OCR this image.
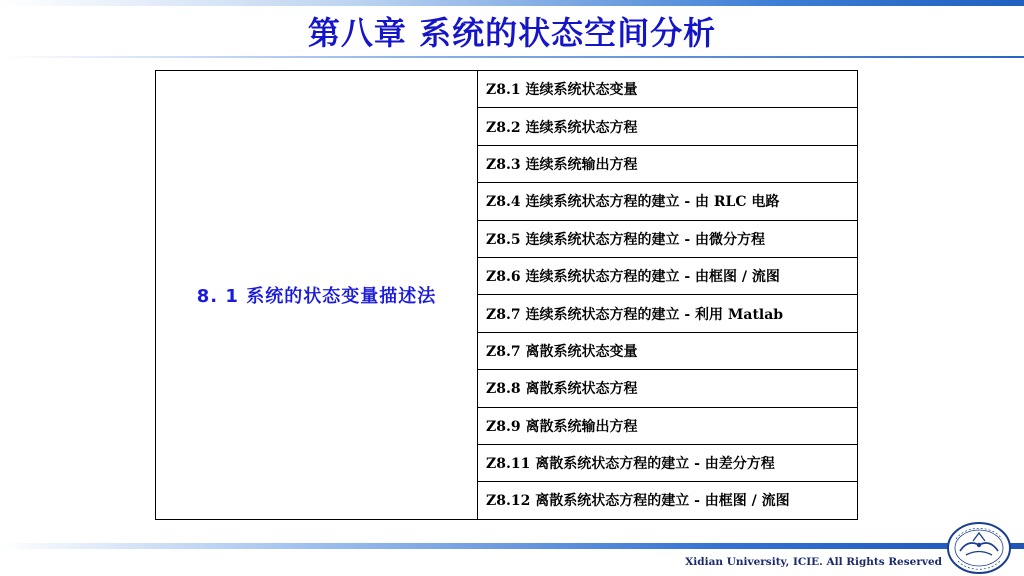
第八章 系统的状态空间分析
8. 1 系统的状态变量描述法	Z8.1 连续系统状态变量
Z8.2 连续系统状态方程
Z8.3 连续系统输出方程
Z8.4 连续系统状态方程的建立 - 由 RLC 电路
Z8.5 连续系统状态方程的建立 - 由微分方程
Z8.6 连续系统状态方程的建立 - 由框图 / 流图
Z8.7 连续系统状态方程的建立 - 利用 Matlab
Z8.7 离散系统状态变量
Z8.8 离散系统状态方程
Z8.9 离散系统输出方程
Z8.11 离散系统状态方程的建立 - 由差分方程
Z8.12 离散系统状态方程的建立 - 由框图 / 流图
Xidian University, ICIE. All Rights Reserved
